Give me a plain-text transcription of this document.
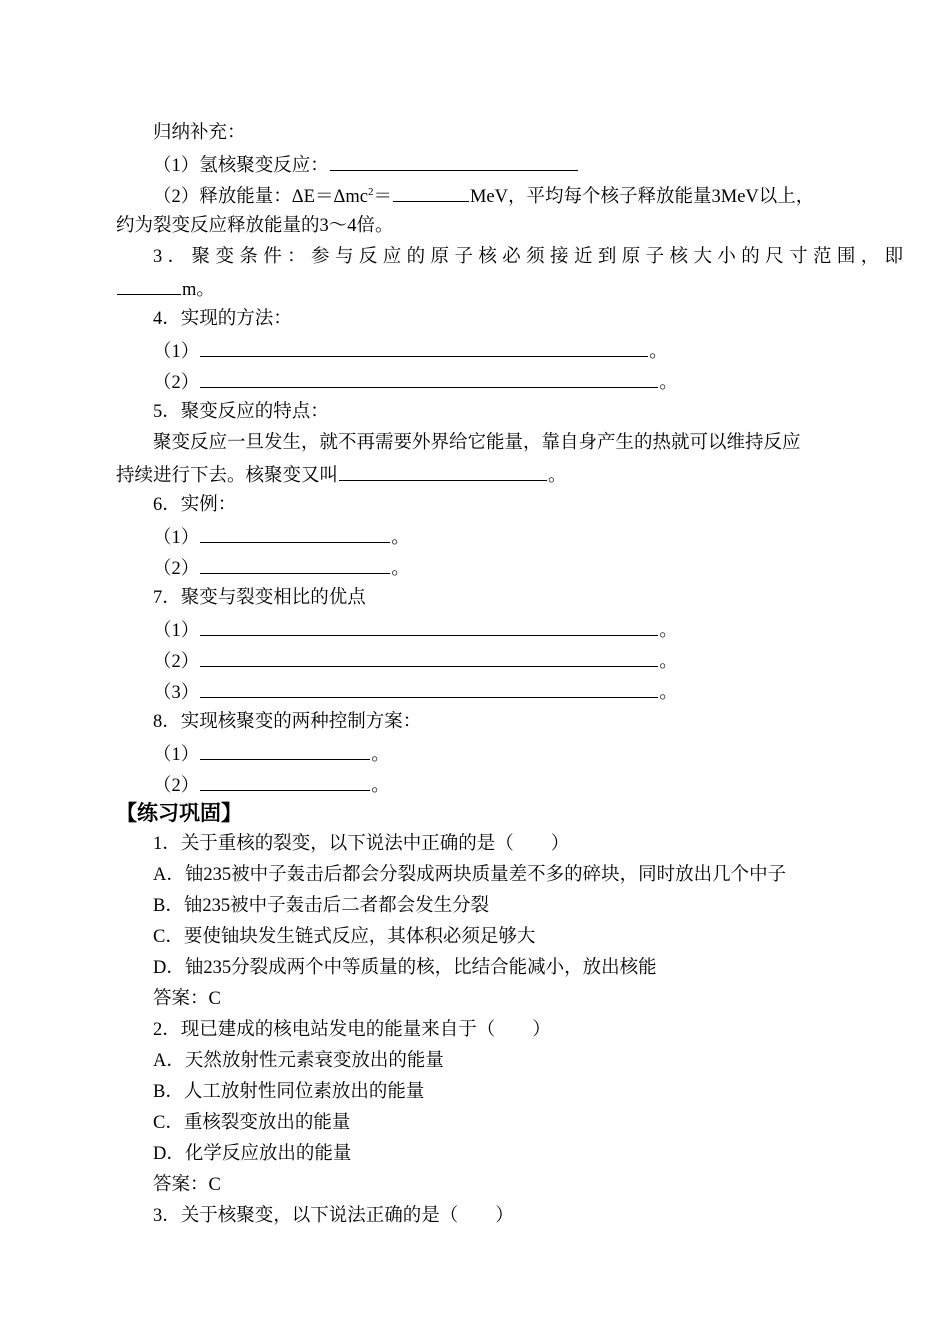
归纳补充：
（1）氢核聚变反应：
（2）释放能量：ΔE＝Δmc$^2$＝	MeV，平均每个核子释放能量3MeV以上，
约为裂变反应释放能量的3～4倍。
3．聚变条件：参与反应的原子核必须接近到原子核大小的尺寸范围，即
m。
4．实现的方法：
（1）	。
（2）	。
5．聚变反应的特点：
聚变反应一旦发生，就不再需要外界给它能量，靠自身产生的热就可以维持反应
持续进行下去。核聚变又叫	。
6．实例：
（1）	。
（2）	。
7．聚变与裂变相比的优点
（1）	。
（2）	。
（3）	。
8．实现核聚变的两种控制方案：
（1）	。
（2）	。
【练习巩固】
1．关于重核的裂变，以下说法中正确的是（　　）
A．铀235被中子轰击后都会分裂成两块质量差不多的碎块，同时放出几个中子
B．铀235被中子轰击后二者都会发生分裂
C．要使铀块发生链式反应，其体积必须足够大
D．铀235分裂成两个中等质量的核，比结合能减小，放出核能
答案：C
2．现已建成的核电站发电的能量来自于（　　）
A．天然放射性元素衰变放出的能量
B．人工放射性同位素放出的能量
C．重核裂变放出的能量
D．化学反应放出的能量
答案：C
3．关于核聚变，以下说法正确的是（　　）
